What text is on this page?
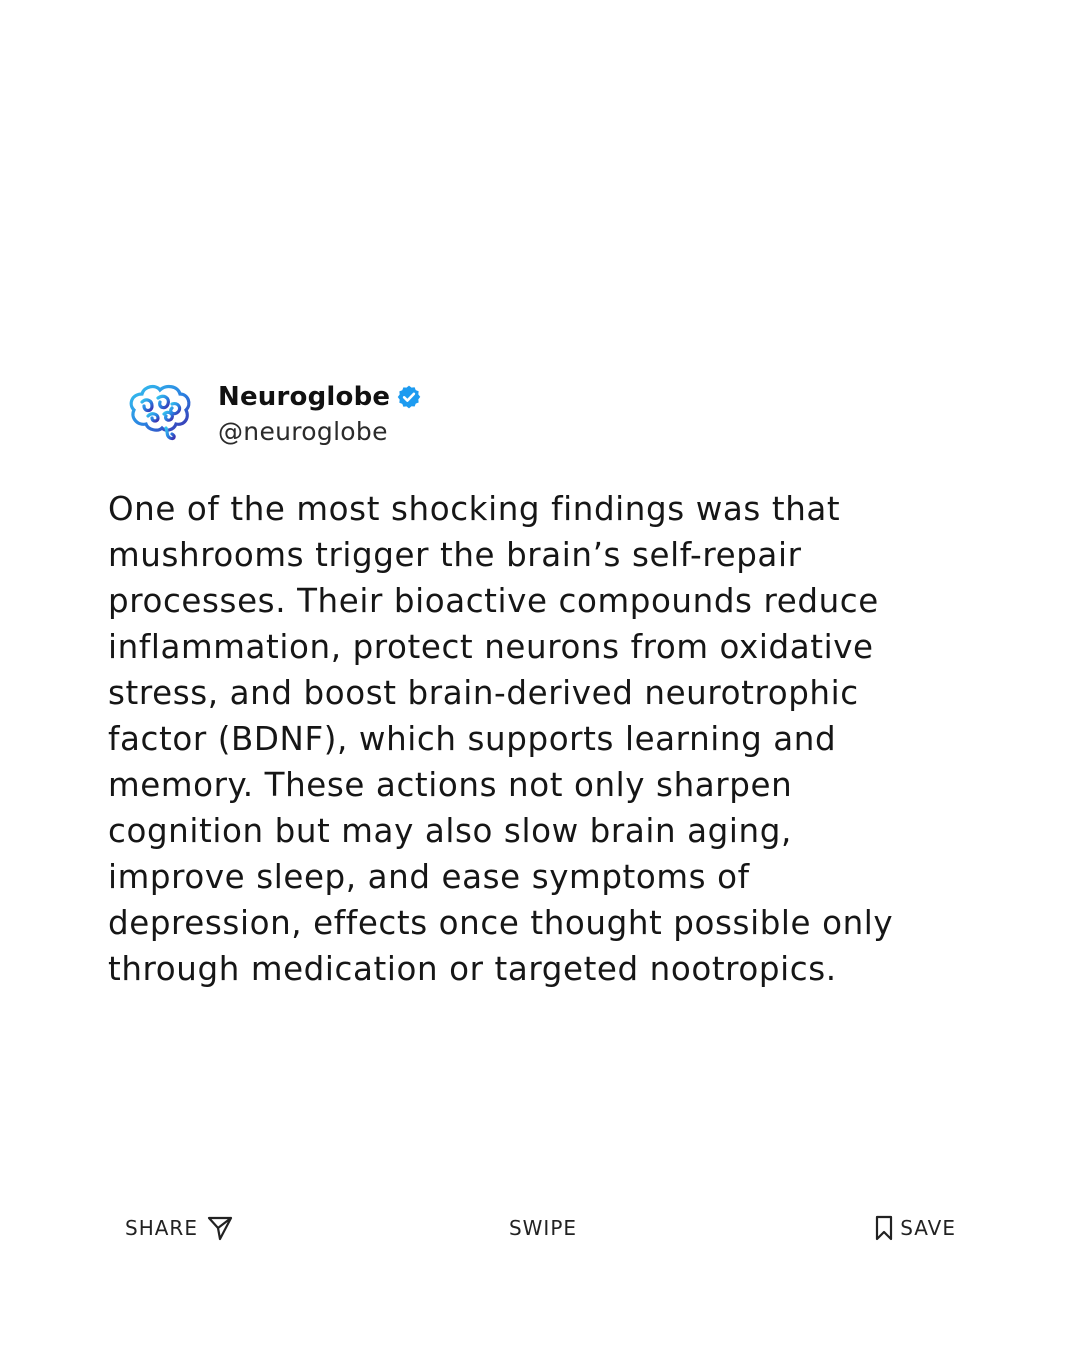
Neuroglobe
@neuroglobe

One of the most shocking findings was that
mushrooms trigger the brain’s self-repair
processes. Their bioactive compounds reduce
inflammation, protect neurons from oxidative
stress, and boost brain-derived neurotrophic
factor (BDNF), which supports learning and
memory. These actions not only sharpen
cognition but may also slow brain aging,
improve sleep, and ease symptoms of
depression, effects once thought possible only
through medication or targeted nootropics.

SHARE	SWIPE	SAVE
